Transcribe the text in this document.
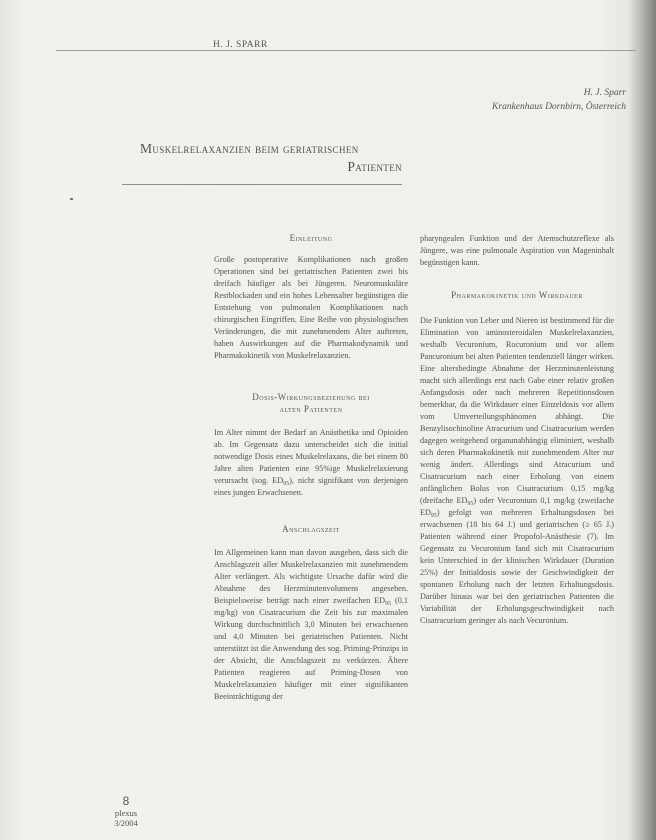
H. J. SPARR
H. J. Sparr
Krankenhaus Dornbirn, Österreich
Muskelrelaxanzien beim geriatrischen
Patienten
Einleitung

Große postoperative Komplikationen nach großen Operationen sind bei geriatrischen Patienten zwei bis dreifach häufiger als bei Jüngeren. Neuromuskuläre Restblockaden und ein hohes Lebensalter begünstigen die Entstehung von pulmonalen Komplikationen nach chirurgischen Eingriffen. Eine Reihe von physiologischen Veränderungen, die mit zunehmendem Alter auftreten, haben Auswirkungen auf die Pharmakodynamik und Pharmakokinetik von Muskelrelaxanzien.

Dosis-Wirkungsbeziehung bei
alten Patienten

Im Alter nimmt der Bedarf an Anästhetika und Opioiden ab. Im Gegensatz dazu unterscheidet sich die initial notwendige Dosis eines Muskelrelaxans, die bei einem 80 Jahre alten Patienten eine 95%ige Muskelrelaxierung verursacht (sog. $ED_{95}$), nicht signifikant von derjenigen eines jungen Erwachsenen.

Anschlagszeit

Im Allgemeinen kann man davon ausgehen, dass sich die Anschlagszeit aller Muskelrelaxanzien mit zunehmendem Alter verlängert. Als wichtigste Ursache dafür wird die Abnahme des Herzminutenvolumens angesehen. Beispielsweise beträgt nach einer zweifachen $ED_{95}$ (0,1 mg/kg) von Cisatracurium die Zeit bis zur maximalen Wirkung durchschnittlich 3,0 Minuten bei erwachsenen und 4,0 Minuten bei geriatrischen Patienten. Nicht unterstützt ist die Anwendung des sog. Priming-Prinzips in der Absicht, die Anschlagszeit zu verkürzen. Ältere Patienten reagieren auf Priming-Dosen von Muskelrelaxanzien häufiger mit einer signifikanten Beeinträchtigung der

pharyngealen Funktion und der Atemschutzreflexe als Jüngere, was eine pulmonale Aspiration von Mageninhalt begünstigen kann.

Pharmakokinetik und Wirkdauer

Die Funktion von Leber und Nieren ist bestimmend für die Elimination von aminosteroidalen Muskelrelaxanzien, weshalb Vecuronium, Rocuronium und vor allem Pancuronium bei alten Patienten tendenziell länger wirken. Eine altersbedingte Abnahme der Herzminutenleistung macht sich allerdings erst nach Gabe einer relativ großen Anfangsdosis oder nach mehreren Repetitionsdosen bemerkbar, da die Wirkdauer einer Einzeldosis vor allem vom Umverteilungsphänomen abhängt. Die Benzylisochinoline Atracurium und Cisatracurium werden dagegen weitgehend organunabhängig eliminiert, weshalb sich deren Pharmakokinetik mit zunehmendem Alter nur wenig ändert. Allerdings sind Atracurium und Cisatracurium nach einer Erholung von einem anfänglichen Bolus von Cisatracurium 0,15 mg/kg (dreifache $ED_{95}$) oder Vecuronium 0,1 mg/kg (zweifache $ED_{95}$) gefolgt von mehreren Erhaltungsdosen bei erwachsenen (18 bis 64 J.) und geriatrischen (≥ 65 J.) Patienten während einer Propofol-Anästhesie (7). Im Gegensatz zu Vecuronium fand sich mit Cisatracurium kein Unterschied in der klinischen Wirkdauer (Duration 25%) der Initialdosis sowie der Geschwindigkeit der spontanen Erholung nach der letzten Erhaltungsdosis. Darüber hinaus war bei den geriatrischen Patienten die Variabilität der Erholungsgeschwindigkeit nach Cisatracurium geringer als nach Vecuronium.

8
plexus
3/2004
